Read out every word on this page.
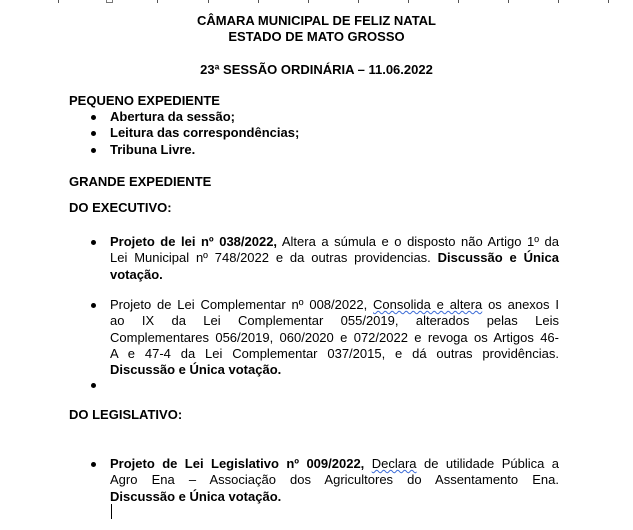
CÂMARA MUNICIPAL DE FELIZ NATAL
ESTADO DE MATO GROSSO
23ª SESSÃO ORDINÁRIA – 11.06.2022
PEQUENO EXPEDIENTE
Abertura da sessão;
Leitura das correspondências;
Tribuna Livre.
GRANDE EXPEDIENTE
DO EXECUTIVO:
Projeto de lei nº 038/2022, Altera a súmula e o disposto não Artigo 1º da
Lei Municipal nº 748/2022 e da outras providencias. Discussão e Única
votação.
Projeto de Lei Complementar nº 008/2022, Consolida e altera os anexos I
ao IX da Lei Complementar 055/2019, alterados pelas Leis
Complementares 056/2019, 060/2020 e 072/2022 e revoga os Artigos 46-
A e 47-4 da Lei Complementar 037/2015, e dá outras providências.
Discussão e Única votação.
DO LEGISLATIVO:
Projeto de Lei Legislativo nº 009/2022, Declara de utilidade Pública a
Agro Ena – Associação dos Agricultores do Assentamento Ena.
Discussão e Única votação.
